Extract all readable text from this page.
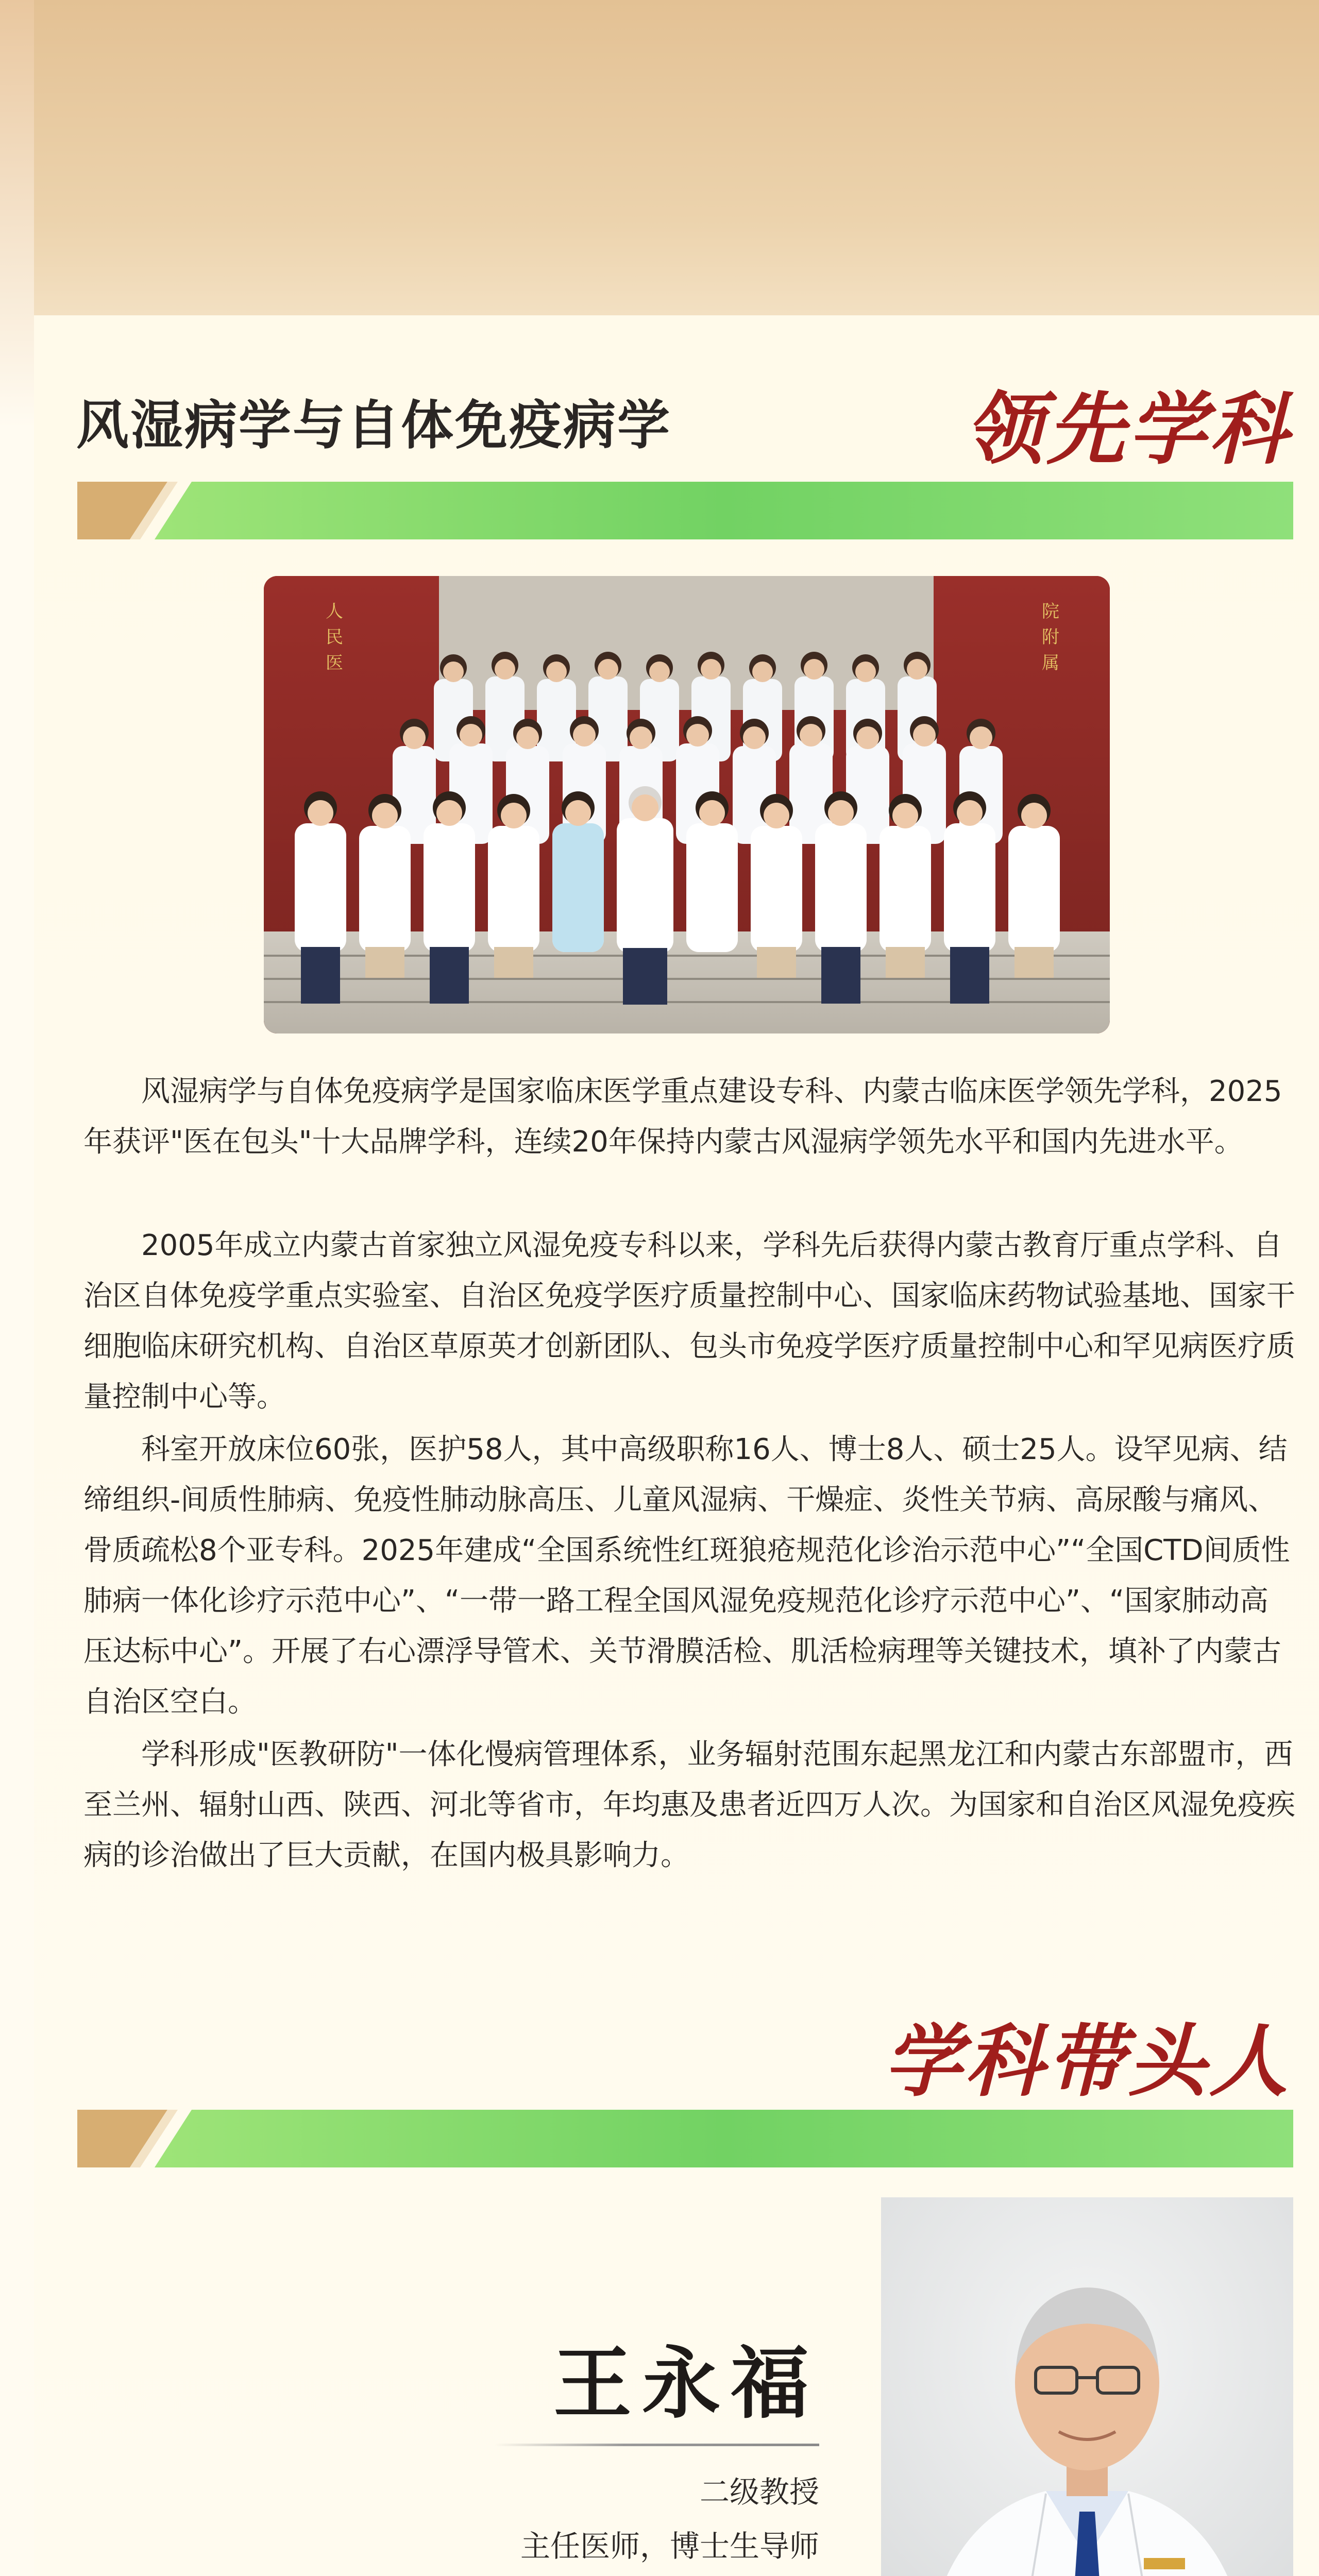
风湿病学与自体免疫病学	领先学科
人
民
医
院
附
属

风湿病学与自体免疫病学是国家临床医学重点建设专科、内蒙古临床医学领先学科，2025年获评"医在包头"十大品牌学科，连续20年保持内蒙古风湿病学领先水平和国内先进水平。

2005年成立内蒙古首家独立风湿免疫专科以来，学科先后获得内蒙古教育厅重点学科、自治区自体免疫学重点实验室、自治区免疫学医疗质量控制中心、国家临床药物试验基地、国家干细胞临床研究机构、自治区草原英才创新团队、包头市免疫学医疗质量控制中心和罕见病医疗质量控制中心等。

科室开放床位60张，医护58人，其中高级职称16人、博士8人、硕士25人。设罕见病、结缔组织-间质性肺病、免疫性肺动脉高压、儿童风湿病、干燥症、炎性关节病、高尿酸与痛风、骨质疏松8个亚专科。2025年建成“全国系统性红斑狼疮规范化诊治示范中心”“全国CTD间质性肺病一体化诊疗示范中心”、“一带一路工程全国风湿免疫规范化诊疗示范中心”、“国家肺动高压达标中心”。开展了右心漂浮导管术、关节滑膜活检、肌活检病理等关键技术，填补了内蒙古自治区空白。

学科形成"医教研防"一体化慢病管理体系，业务辐射范围东起黑龙江和内蒙古东部盟市，西至兰州、辐射山西、陕西、河北等省市，年均惠及患者近四万人次。为国家和自治区风湿免疫疾病的诊治做出了巨大贡献，在国内极具影响力。

学科带头人
王永福
二级教授
主任医师，博士生导师
